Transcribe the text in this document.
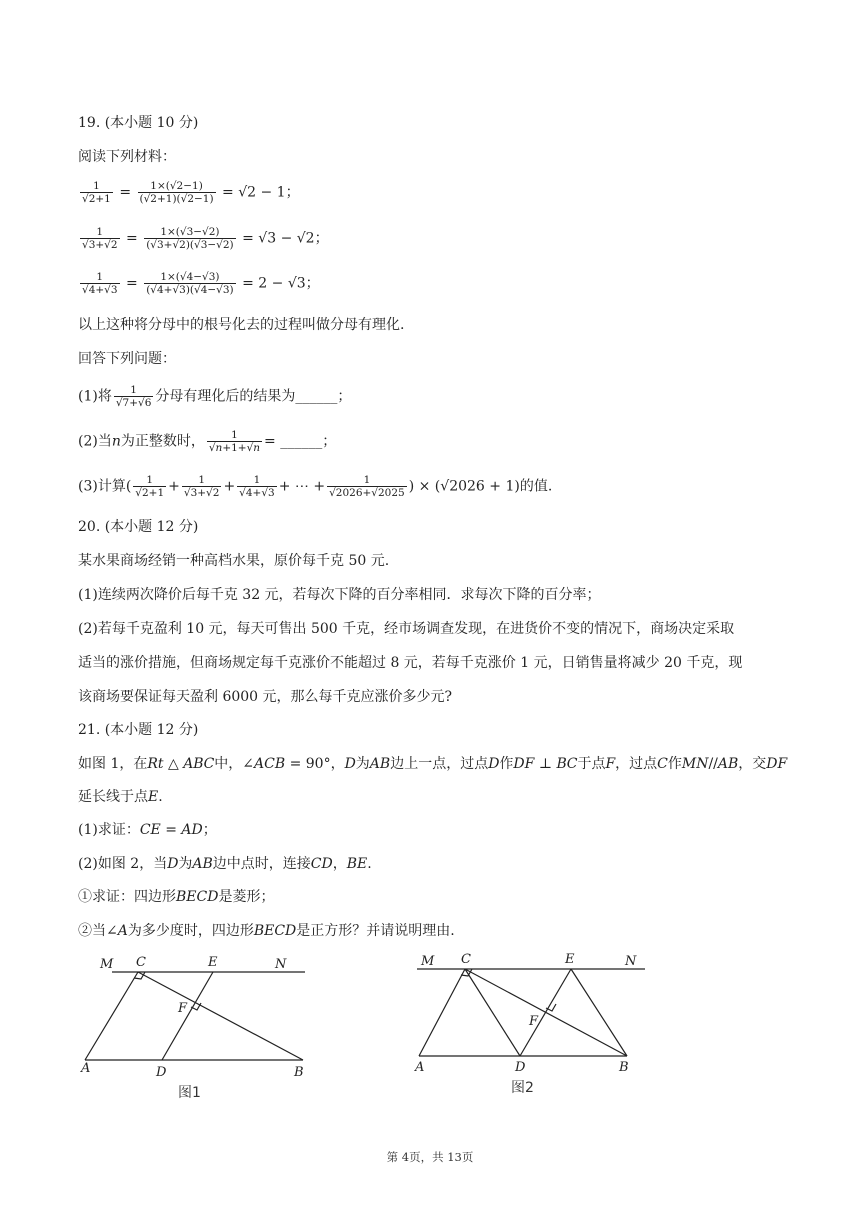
19. (本小题 10 分)
阅读下列材料：
$\frac{1}{√2+1} = \frac{1\times(√2-1)}{(√2+1)(√2-1)} = √2 - 1$；
$\frac{1}{√3+√2} = \frac{1\times(√3-√2)}{(√3+√2)(√3-√2)} = √3 - √2$；
$\frac{1}{√4+√3} = \frac{1\times(√4-√3)}{(√4+√3)(√4-√3)} = 2 - √3$；
以上这种将分母中的根号化去的过程叫做分母有理化.
回答下列问题：
(1)将 $\frac{1}{√7+√6}$ 分母有理化后的结果为______；
(2)当𝑛为正整数时， $\frac{1}{\text{√𝑛+1+√𝑛}}$ = ______；
(3)计算( $\frac{1}{√2+1} + \frac{1}{√3+√2} + \frac{1}{√4+√3}$ + ⋯ + $\frac{1}{√2026+√2025}$ ) × (√2026 + 1)的值.
20. (本小题 12 分)
某水果商场经销一种高档水果，原价每千克 50 元.
(1)连续两次降价后每千克 32 元，若每次下降的百分率相同．求每次下降的百分率；
(2)若每千克盈利 10 元，每天可售出 500 千克，经市场调查发现，在进货价不变的情况下，商场决定采取
适当的涨价措施，但商场规定每千克涨价不能超过 8 元，若每千克涨价 1 元，日销售量将减少 20 千克，现
该商场要保证每天盈利 6000 元，那么每千克应涨价多少元?
21. (本小题 12 分)
如图 1，在𝑅𝑡 △ 𝐴𝐵𝐶中，∠𝐴𝐶𝐵 = 90°，𝐷为𝐴𝐵边上一点，过点𝐷作𝐷𝐹 ⊥ 𝐵𝐶于点𝐹，过点𝐶作𝑀𝑁//𝐴𝐵，交𝐷𝐹
延长线于点𝐸.
(1)求证：𝐶𝐸 = 𝐴𝐷；
(2)如图 2，当𝐷为𝐴𝐵边中点时，连接𝐶𝐷，𝐵𝐸.
①求证：四边形𝐵𝐸𝐶𝐷是菱形；
②当∠𝐴为多少度时，四边形𝐵𝐸𝐶𝐷是正方形？并请说明理由.
M C	E	N
F
A	D	B
图1
M C	E	N
F
A	D	B
图2
第 4页，共 13页
